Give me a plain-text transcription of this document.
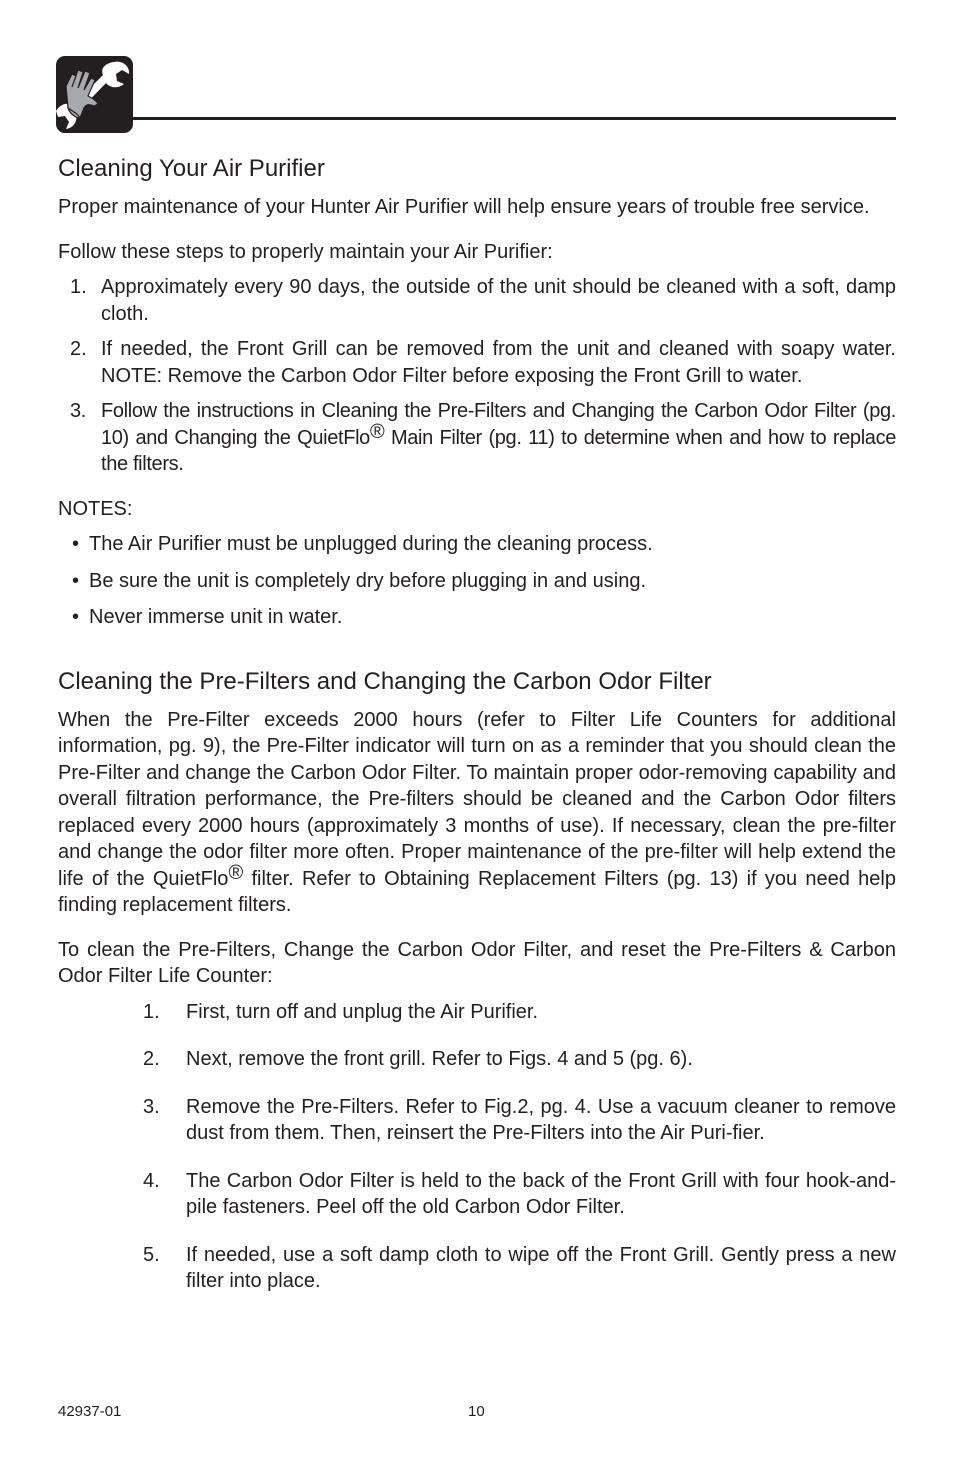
Cleaning Your Air Purifier

Proper maintenance of your Hunter Air Purifier will help ensure years of trouble free service.

Follow these steps to properly maintain your Air Purifier:

1. Approximately every 90 days, the outside of the unit should be cleaned with a soft, damp cloth.
2. If needed, the Front Grill can be removed from the unit and cleaned with soapy water. NOTE: Remove the Carbon Odor Filter before exposing the Front Grill to water.
3. Follow the instructions in Cleaning the Pre-Filters and Changing the Carbon Odor Filter (pg. 10) and Changing the QuietFlo® Main Filter (pg. 11) to determine when and how to replace the filters.
NOTES:
• The Air Purifier must be unplugged during the cleaning process.
• Be sure the unit is completely dry before plugging in and using.
• Never immerse unit in water.
Cleaning the Pre-Filters and Changing the Carbon Odor Filter

When the Pre-Filter exceeds 2000 hours (refer to Filter Life Counters for additional information, pg. 9), the Pre-Filter indicator will turn on as a reminder that you should clean the Pre-Filter and change the Carbon Odor Filter. To maintain proper odor-removing capability and overall filtration performance, the Pre-filters should be cleaned and the Carbon Odor filters replaced every 2000 hours (approximately 3 months of use). If necessary, clean the pre-filter and change the odor filter more often. Proper maintenance of the pre-filter will help extend the life of the QuietFlo® filter. Refer to Obtaining Replacement Filters (pg. 13) if you need help finding replacement filters.

To clean the Pre-Filters, Change the Carbon Odor Filter, and reset the Pre-Filters & Carbon Odor Filter Life Counter:

1. First, turn off and unplug the Air Purifier.
2. Next, remove the front grill. Refer to Figs. 4 and 5 (pg. 6).
3. Remove the Pre-Filters. Refer to Fig.2, pg. 4. Use a vacuum cleaner to remove dust from them. Then, reinsert the Pre-Filters into the Air Puri-fier.
4. The Carbon Odor Filter is held to the back of the Front Grill with four hook-and-pile fasteners. Peel off the old Carbon Odor Filter.
5. If needed, use a soft damp cloth to wipe off the Front Grill. Gently press a new filter into place.
42937-01	10
